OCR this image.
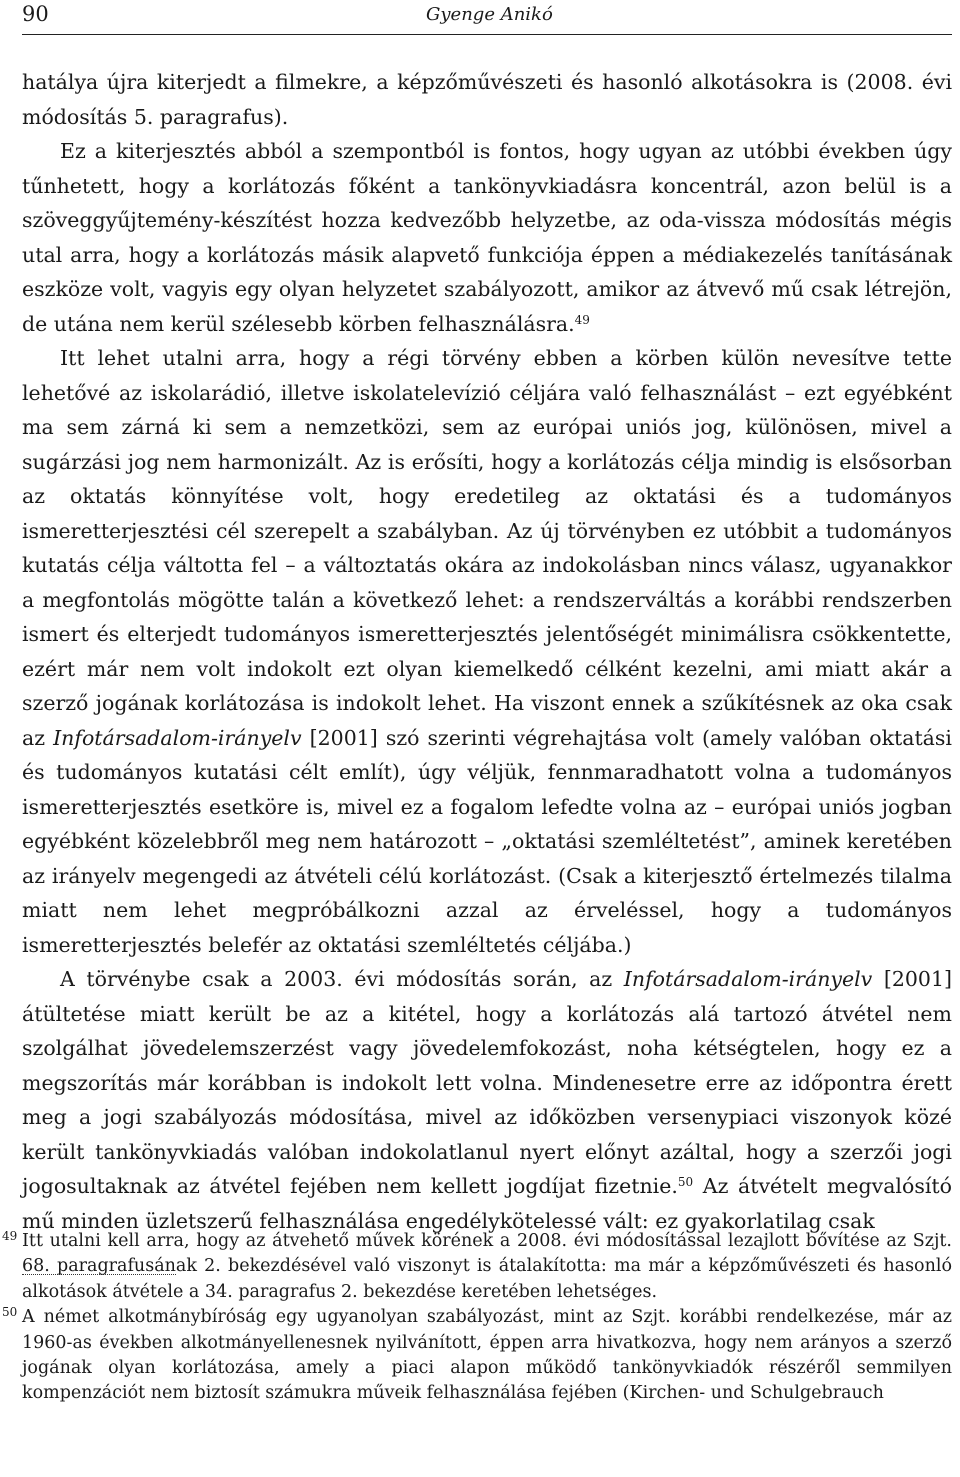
90	Gyenge Anikó

hatálya újra kiterjedt a filmekre, a képzőművészeti és hasonló alkotásokra is (2008. évi módosítás 5. paragrafus).

Ez a kiterjesztés abból a szempontból is fontos, hogy ugyan az utóbbi években úgy tűnhetett, hogy a korlátozás főként a tankönyvkiadásra koncentrál, azon belül is a szöveggyűjtemény-készítést hozza kedvezőbb helyzetbe, az oda-vissza módosítás mégis utal arra, hogy a korlátozás másik alapvető funkciója éppen a médiakezelés tanításának eszköze volt, vagyis egy olyan helyzetet szabályozott, amikor az átvevő mű csak létrejön, de utána nem kerül szélesebb körben felhasználásra.$^{49}$

Itt lehet utalni arra, hogy a régi törvény ebben a körben külön nevesítve tette lehetővé az iskolarádió, illetve iskolatelevízió céljára való felhasználást – ezt egyébként ma sem zárná ki sem a nemzetközi, sem az európai uniós jog, különösen, mivel a sugárzási jog nem harmonizált. Az is erősíti, hogy a korlátozás célja mindig is elsősorban az oktatás könnyítése volt, hogy eredetileg az oktatási és a tudományos ismeretterjesztési cél szerepelt a szabályban. Az új törvényben ez utóbbit a tudományos kutatás célja váltotta fel – a változtatás okára az indokolásban nincs válasz, ugyanakkor a megfontolás mögötte talán a következő lehet: a rendszerváltás a korábbi rendszerben ismert és elterjedt tudományos ismeretterjesztés jelentőségét minimálisra csökkentette, ezért már nem volt indokolt ezt olyan kiemelkedő célként kezelni, ami miatt akár a szerző jogának korlátozása is indokolt lehet. Ha viszont ennek a szűkítésnek az oka csak az Infotársadalom-irányelv [2001] szó szerinti végrehajtása volt (amely valóban oktatási és tudományos kutatási célt említ), úgy véljük, fennmaradhatott volna a tudományos ismeretterjesztés esetköre is, mivel ez a fogalom lefedte volna az – európai uniós jogban egyébként közelebbről meg nem határozott – „oktatási szemléltetést”, aminek keretében az irányelv megengedi az átvételi célú korlátozást. (Csak a kiterjesztő értelmezés tilalma miatt nem lehet megpróbálkozni azzal az érveléssel, hogy a tudományos ismeretterjesztés belefér az oktatási szemléltetés céljába.)

A törvénybe csak a 2003. évi módosítás során, az Infotársadalom-irányelv [2001] átültetése miatt került be az a kitétel, hogy a korlátozás alá tartozó átvétel nem szolgálhat jövedelemszerzést vagy jövedelemfokozást, noha kétségtelen, hogy ez a megszorítás már korábban is indokolt lett volna. Mindenesetre erre az időpontra érett meg a jogi szabályozás módosítása, mivel az időközben versenypiaci viszonyok közé került tankönyvkiadás valóban indokolatlanul nyert előnyt azáltal, hogy a szerzői jogi jogosultaknak az átvétel fejében nem kellett jogdíjat fizetnie.$^{50}$ Az átvételt megvalósító mű minden üzletszerű felhasználása engedélykötelessé vált: ez gyakorlatilag csak

49 Itt utalni kell arra, hogy az átvehető művek körének a 2008. évi módosítással lezajlott bővítése az Szjt. 68. paragrafusának 2. bekezdésével való viszonyt is átalakította: ma már a képzőművészeti és hasonló alkotások átvétele a 34. paragrafus 2. bekezdése keretében lehetséges.
50 A német alkotmánybíróság egy ugyanolyan szabályozást, mint az Szjt. korábbi rendelkezése, már az 1960-as években alkotmányellenesnek nyilvánított, éppen arra hivatkozva, hogy nem arányos a szerző jogának olyan korlátozása, amely a piaci alapon működő tankönyvkiadók részéről semmilyen kompenzációt nem biztosít számukra műveik felhasználása fejében (Kirchen- und Schulgebrauch
